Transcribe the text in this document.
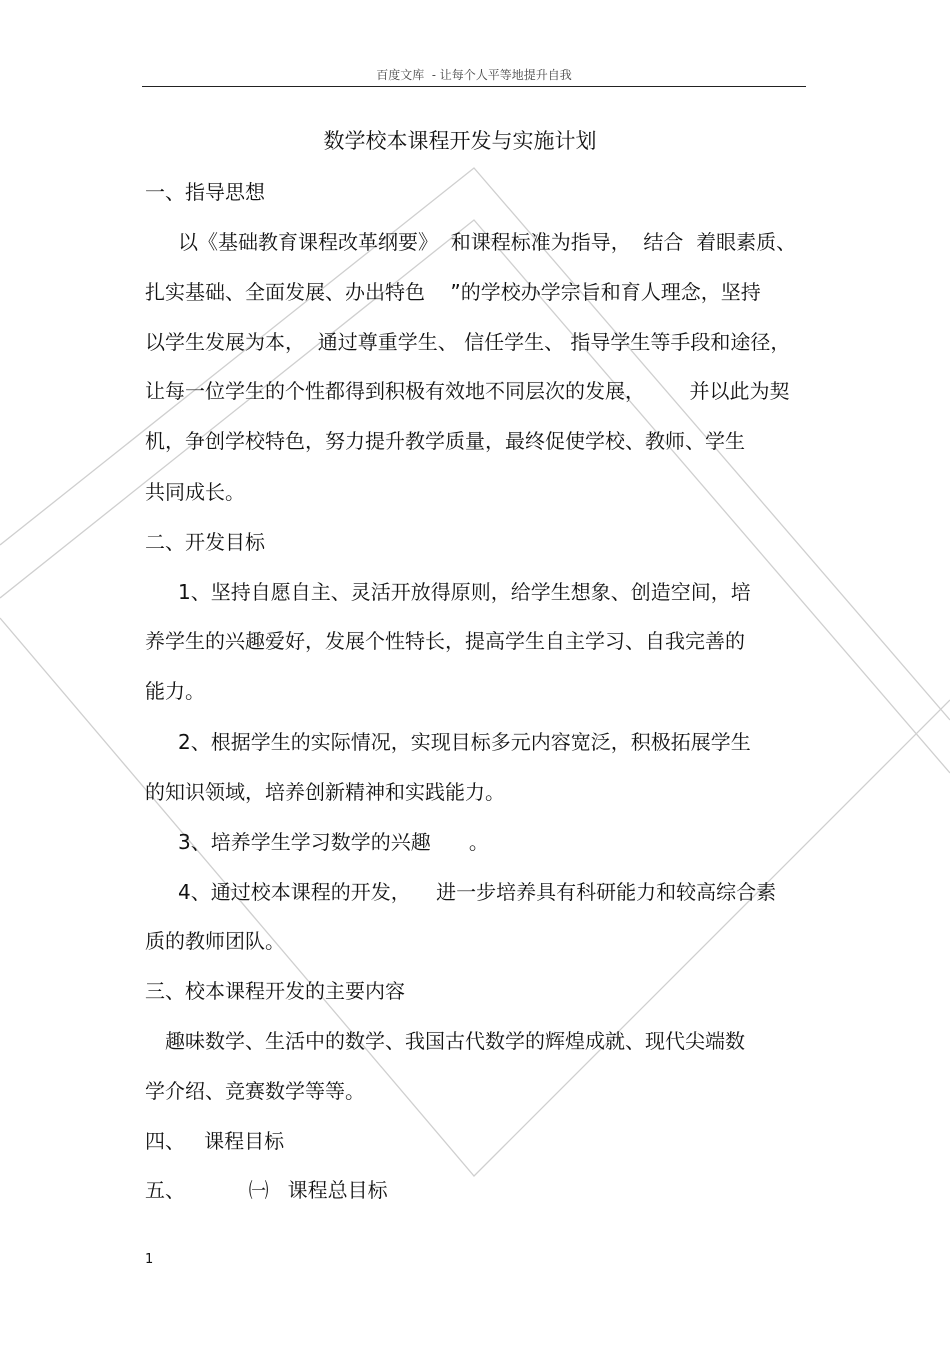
百度文库  - 让每个人平等地提升自我
数学校本课程开发与实施计划
一、指导思想
以《基础教育课程改革纲要》  和课程标准为指导，  结合  着眼素质、
扎实基础、全面发展、办出特色    ”的学校办学宗旨和育人理念，坚持
以学生发展为本，  通过尊重学生、 信任学生、 指导学生等手段和途径，
让每一位学生的个性都得到积极有效地不同层次的发展，       并以此为契
机，争创学校特色，努力提升教学质量，最终促使学校、教师、学生
共同成长。
二、开发目标
1、坚持自愿自主、灵活开放得原则，给学生想象、创造空间，培
养学生的兴趣爱好，发展个性特长，提高学生自主学习、自我完善的
能力。
2、根据学生的实际情况，实现目标多元内容宽泛，积极拓展学生
的知识领域，培养创新精神和实践能力。
3、培养学生学习数学的兴趣      。
4、通过校本课程的开发，    进一步培养具有科研能力和较高综合素
质的教师团队。
三、校本课程开发的主要内容
趣味数学、生活中的数学、我国古代数学的辉煌成就、现代尖端数
学介绍、竞赛数学等等。
四、   课程目标
五、          ㈠   课程总目标
1
